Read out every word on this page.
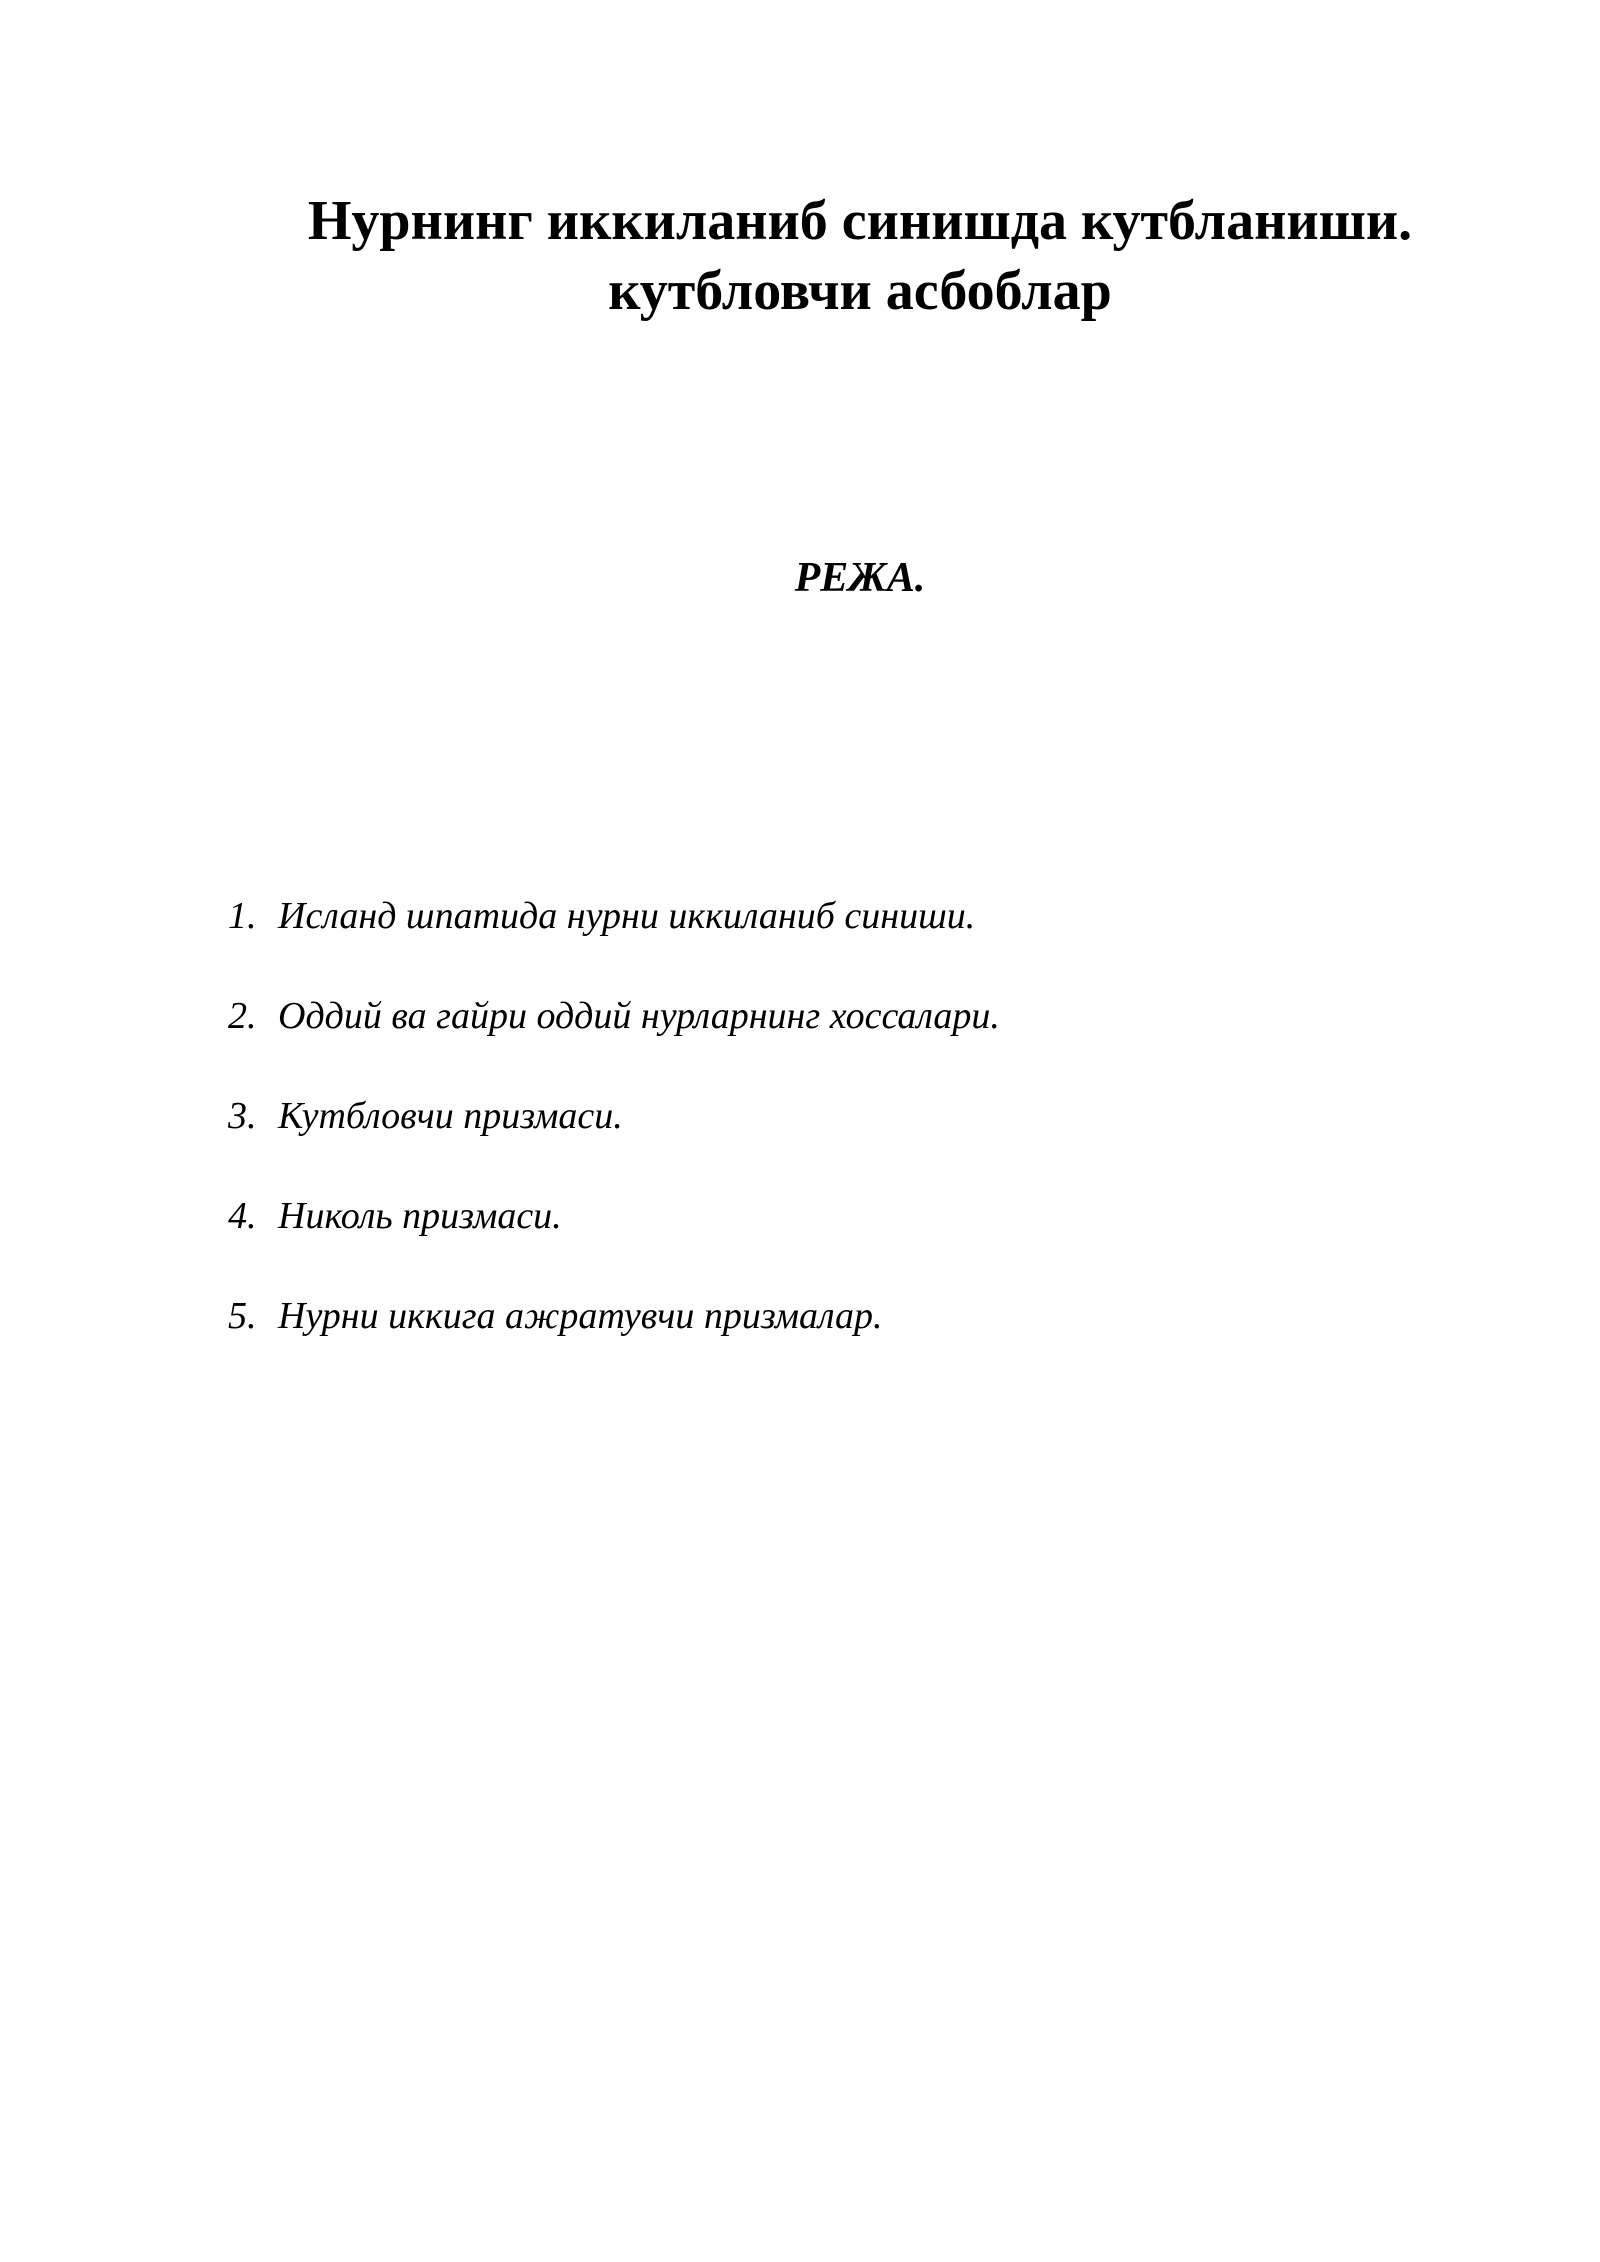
Нурнинг иккиланиб синишда кутбланиши.
кутбловчи асбоблар
РЕЖА.
1. Исланд шпатида нурни иккиланиб синиши.
2. Оддий ва гайри оддий нурларнинг хоссалари.
3. Кутбловчи призмаси.
4. Николь призмаси.
5. Нурни иккига ажратувчи призмалар.
